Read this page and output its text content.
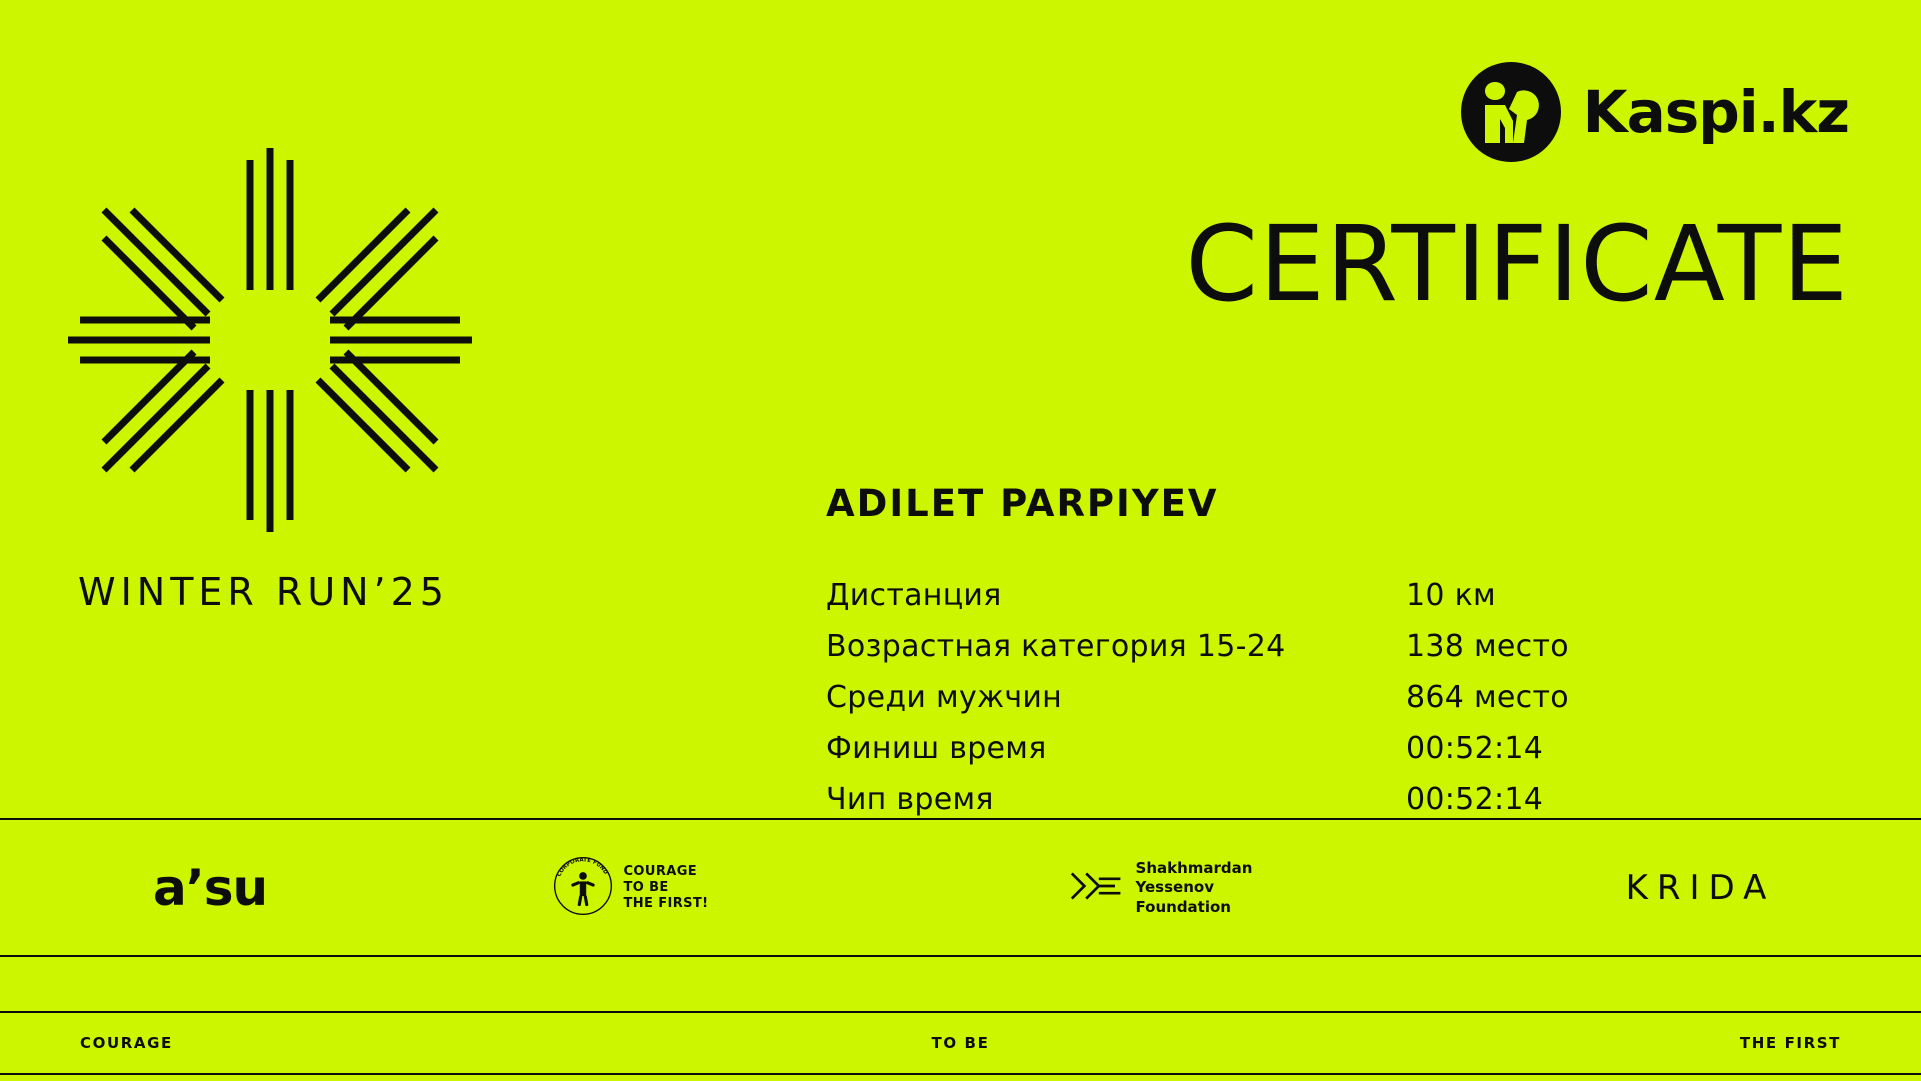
Kaspi.kz
WINTER RUN’25
CERTIFICATE
ADILET PARPIYEV
Дистанция	10 км
Возрастная категория 15-24	138 место
Среди мужчин	864 место
Финиш время	00:52:14
Чип время	00:52:14
a’su	CORPORATE FUND COURAGE
TO BE
THE FIRST!
Shakhmardan
Yessenov
Foundation	KRIDA
COURAGE	TO BE	THE FIRST
